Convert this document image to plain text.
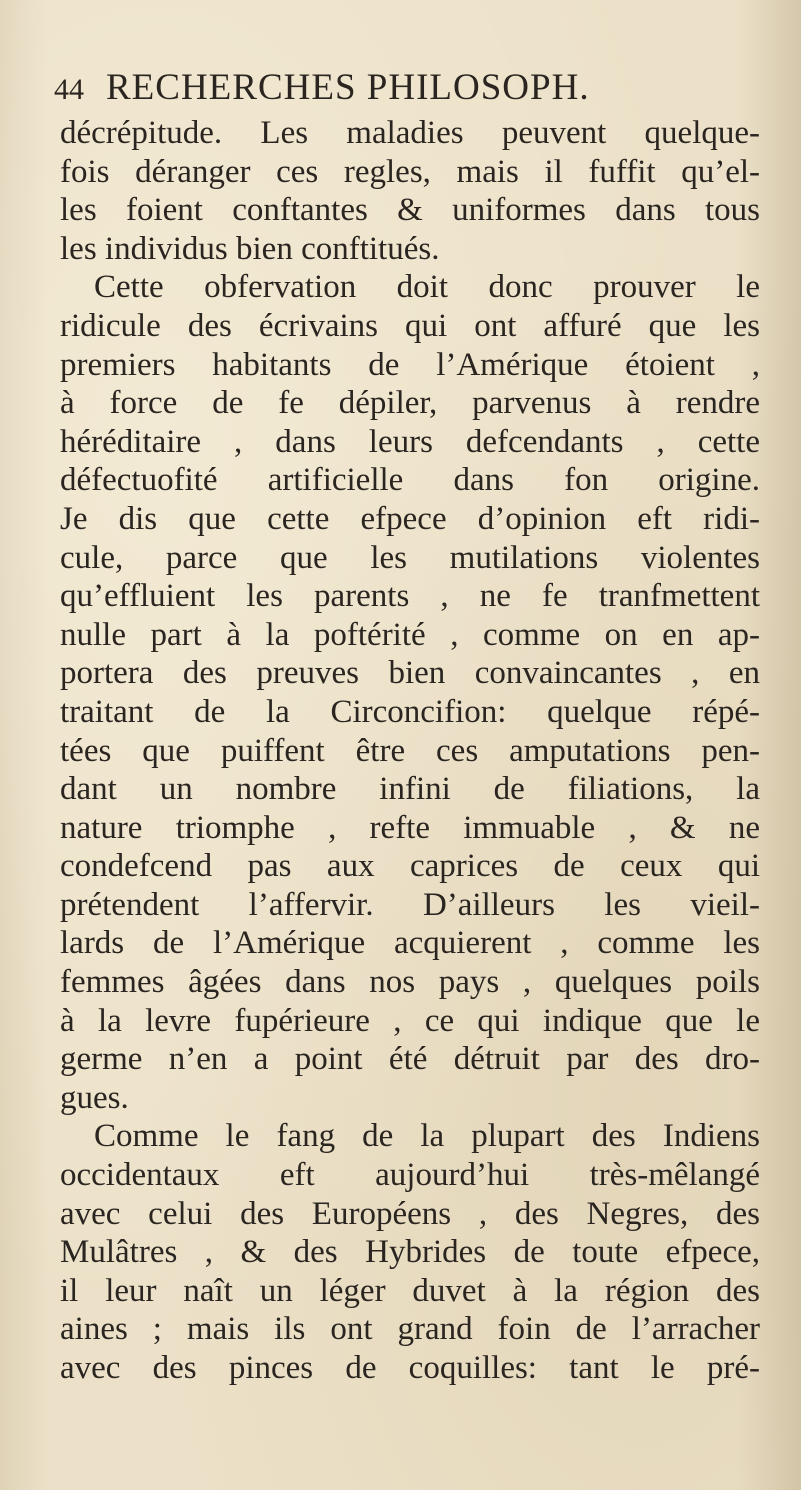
44 RECHERCHES PHILOSOPH.
décrépitude. Les maladies peuvent quelque-
fois déranger ces regles, mais il fuffit qu’el-
les foient conftantes & uniformes dans tous
les individus bien conftitués.
Cette obfervation doit donc prouver le
ridicule des écrivains qui ont affuré que les
premiers habitants de l’Amérique étoient ,
à force de fe dépiler, parvenus à rendre
héréditaire , dans leurs defcendants , cette
défectuofité artificielle dans fon origine.
Je dis que cette efpece d’opinion eft ridi-
cule, parce que les mutilations violentes
qu’effluient les parents , ne fe tranfmettent
nulle part à la poftérité , comme on en ap-
portera des preuves bien convaincantes , en
traitant de la Circoncifion: quelque répé-
tées que puiffent être ces amputations pen-
dant un nombre infini de filiations, la
nature triomphe , refte immuable , & ne
condefcend pas aux caprices de ceux qui
prétendent l’affervir. D’ailleurs les vieil-
lards de l’Amérique acquierent , comme les
femmes âgées dans nos pays , quelques poils
à la levre fupérieure , ce qui indique que le
germe n’en a point été détruit par des dro-
gues.
Comme le fang de la plupart des Indiens
occidentaux eft aujourd’hui très-mêlangé
avec celui des Européens , des Negres, des
Mulâtres , & des Hybrides de toute efpece,
il leur naît un léger duvet à la région des
aines ; mais ils ont grand foin de l’arracher
avec des pinces de coquilles: tant le pré-
